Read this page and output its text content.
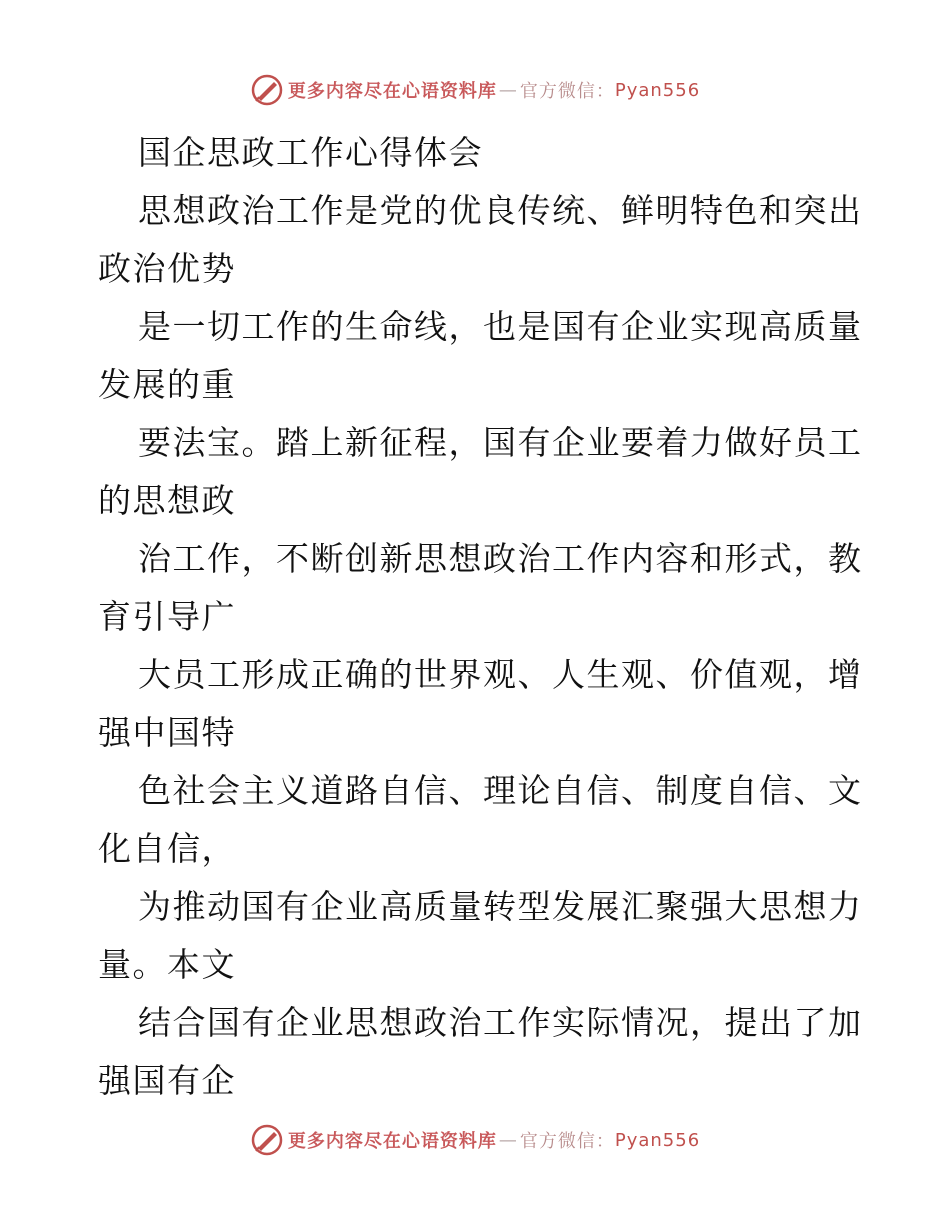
更多内容尽在心语资料库 — 官方微信： Pyan556
国企思政工作心得体会
思想政治工作是党的优良传统、鲜明特色和突出
政治优势
是一切工作的生命线，也是国有企业实现高质量
发展的重
要法宝。踏上新征程，国有企业要着力做好员工
的思想政
治工作，不断创新思想政治工作内容和形式，教
育引导广
大员工形成正确的世界观、人生观、价值观，增
强中国特
色社会主义道路自信、理论自信、制度自信、文
化自信，
为推动国有企业高质量转型发展汇聚强大思想力
量。本文
结合国有企业思想政治工作实际情况，提出了加
强国有企
更多内容尽在心语资料库 — 官方微信： Pyan556
